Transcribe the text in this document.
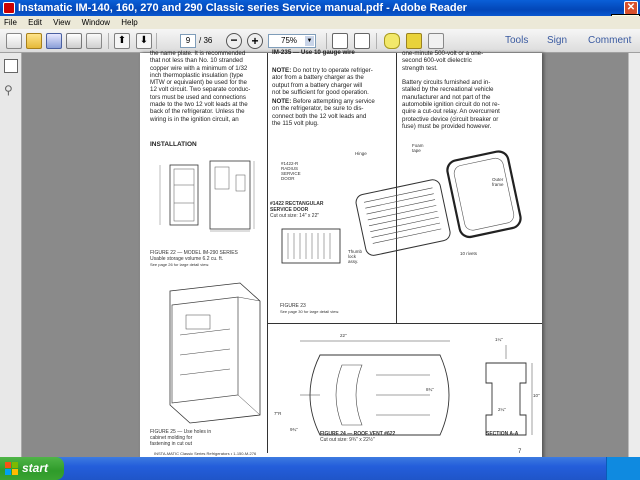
Instamatic IM-140, 160, 270 and 290 Classic series Service manual.pdf - Adobe Reader	✕
File Edit View Window Help
⬆	⬇	9	/ 36	−	+	75% ▼	Tools Sign Comment
⚲
the name plate. It is recommended
that not less than No. 10 stranded
copper wire with a minimum of 1/32
inch thermoplastic insulation (type
MTW or equivalent) be used for the
12 volt circuit. Two separate conduc-
tors must be used and connections
made to the two 12 volt leads at the
back of the refrigerator. Unless the
wiring is in the ignition circuit, an
IM-235 — Use 10 gauge wire
NOTE: Do not try to operate refriger-
ator from a battery charger as the
output from a battery charger will
not be sufficient for good operation.
NOTE: Before attempting any service
on the refrigerator, be sure to dis-
connect both the 12 volt leads and
the 115 volt plug.
one-minute 500-volt or a one-
second 600-volt dielectric
strength test.

Battery circuits furnished and in-
stalled by the recreational vehicle
manufacturer and not part of the
automobile ignition circuit do not re-
quire a cut-out relay. An overcurrent
protective device (circuit breaker or
fuse) must be provided however.
INSTALLATION
FIGURE 22 — MODEL IM-290 SERIES
Usable storage volume 6.2 cu. ft.
See page 26 for large detail view.
FIGURE 25 — Use holes in
cabinet molding for
fastening in cut out
#1422-R
RADIUS
SERVICE
DOOR
Hinge
Foam
tape
Outer
frame
#1422 RECTANGULAR
SERVICE DOOR
Cut out size: 14" x 22"
Thumb
lock
assy.
10 rivets
FIGURE 23
See page 30 for large detail view.
22"
1¼"
10"
8¾"
2¼"
7"R
9¾"
FIGURE 24 — ROOF VENT #622
Cut out size: 9¾" x 22½"
SECTION A-A
INSTA-MATIC Classic Series Refrigerators • 1-150-M-276	7
start
